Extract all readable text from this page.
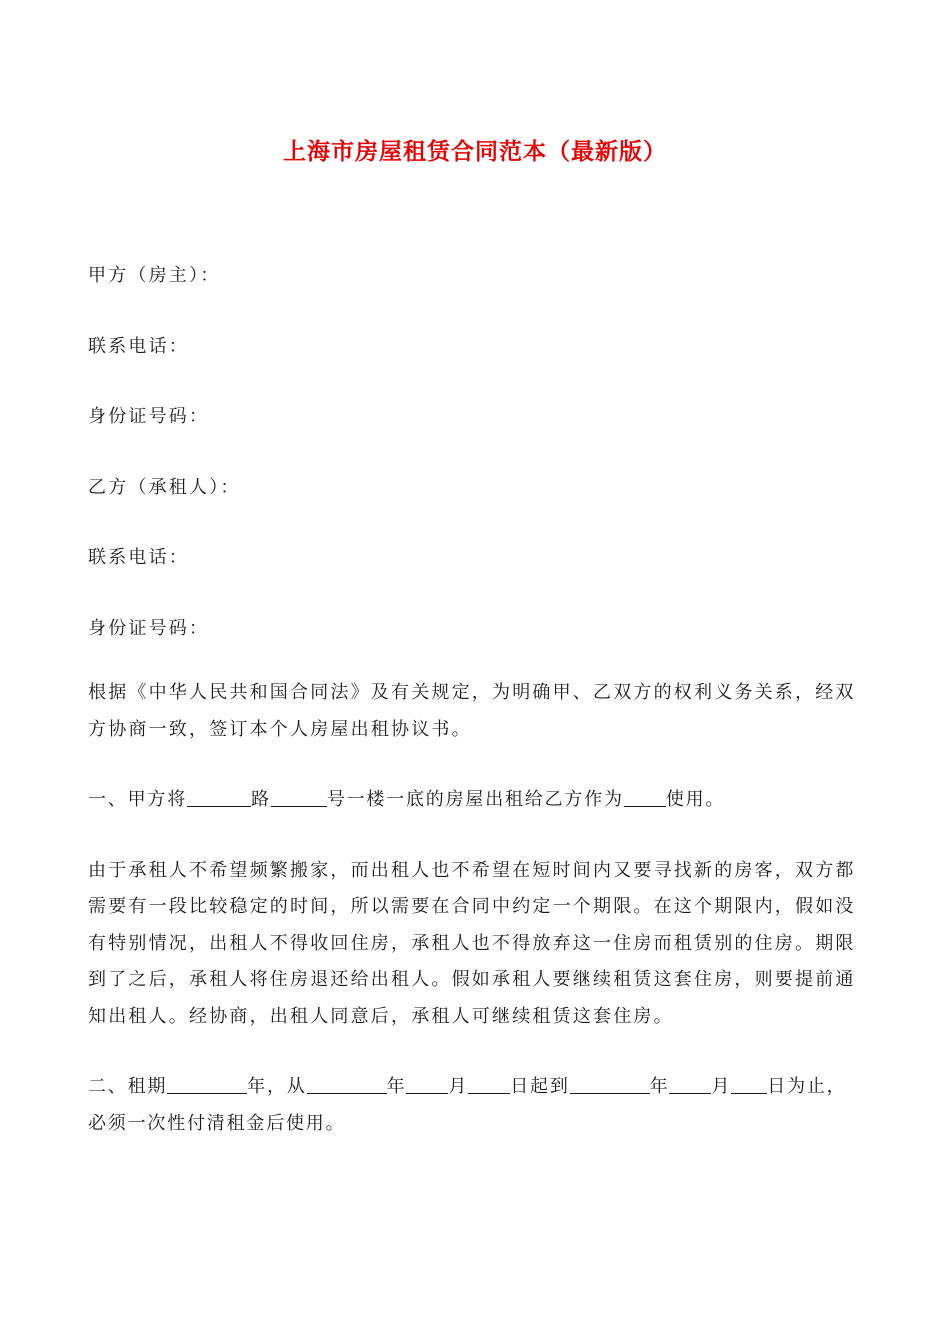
上海市房屋租赁合同范本（最新版）

甲方（房主）：

联系电话：

身份证号码：

乙方（承租人）：

联系电话：

身份证号码：

根据《中华人民共和国合同法》及有关规定，为明确甲、乙双方的权利义务关系，经双方协商一致，签订本个人房屋出租协议书。

一、甲方将	路	号一楼一底的房屋出租给乙方作为 使用。

由于承租人不希望频繁搬家，而出租人也不希望在短时间内又要寻找新的房客，双方都需要有一段比较稳定的时间，所以需要在合同中约定一个期限。在这个期限内，假如没有特别情况，出租人不得收回住房，承租人也不得放弃这一住房而租赁别的住房。期限到了之后，承租人将住房退还给出租人。假如承租人要继续租赁这套住房，则要提前通知出租人。经协商，出租人同意后，承租人可继续租赁这套住房。

二、租期	年，从	年 月 日起到	年 月 日为止，必须一次性付清租金后使用。
